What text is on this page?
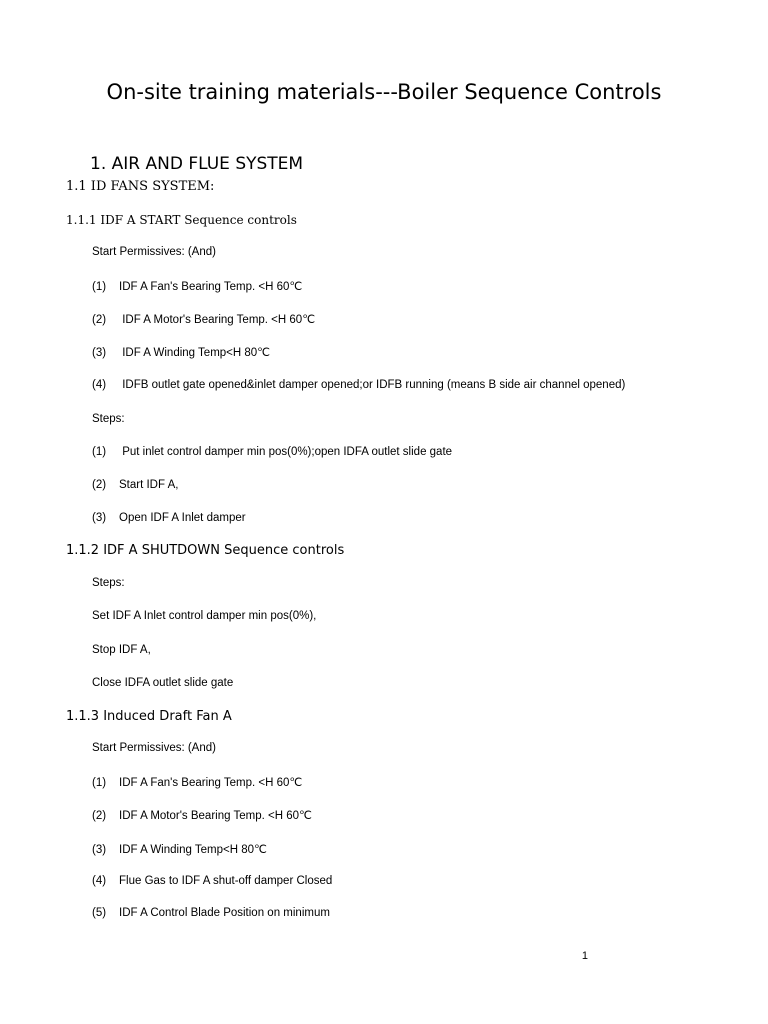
On-site training materials---Boiler Sequence Controls
1. AIR AND FLUE SYSTEM
1.1 ID FANS SYSTEM:
1.1.1 IDF A START Sequence controls
Start Permissives: (And)
(1) IDF A Fan's Bearing Temp. <H 60℃
(2) IDF A Motor's Bearing Temp. <H 60℃
(3) IDF A Winding Temp<H 80℃
(4) IDFB outlet gate opened&inlet damper opened;or IDFB running (means B side air channel opened)
Steps:
(1) Put inlet control damper min pos(0%);open IDFA outlet slide gate
(2) Start IDF A,
(3) Open IDF A Inlet damper
1.1.2 IDF A SHUTDOWN Sequence controls
Steps:
Set IDF A Inlet control damper min pos(0%),
Stop IDF A,
Close IDFA outlet slide gate
1.1.3 Induced Draft Fan A
Start Permissives: (And)
(1) IDF A Fan's Bearing Temp. <H 60℃
(2) IDF A Motor's Bearing Temp. <H 60℃
(3) IDF A Winding Temp<H 80℃
(4) Flue Gas to IDF A shut-off damper Closed
(5) IDF A Control Blade Position on minimum
1
